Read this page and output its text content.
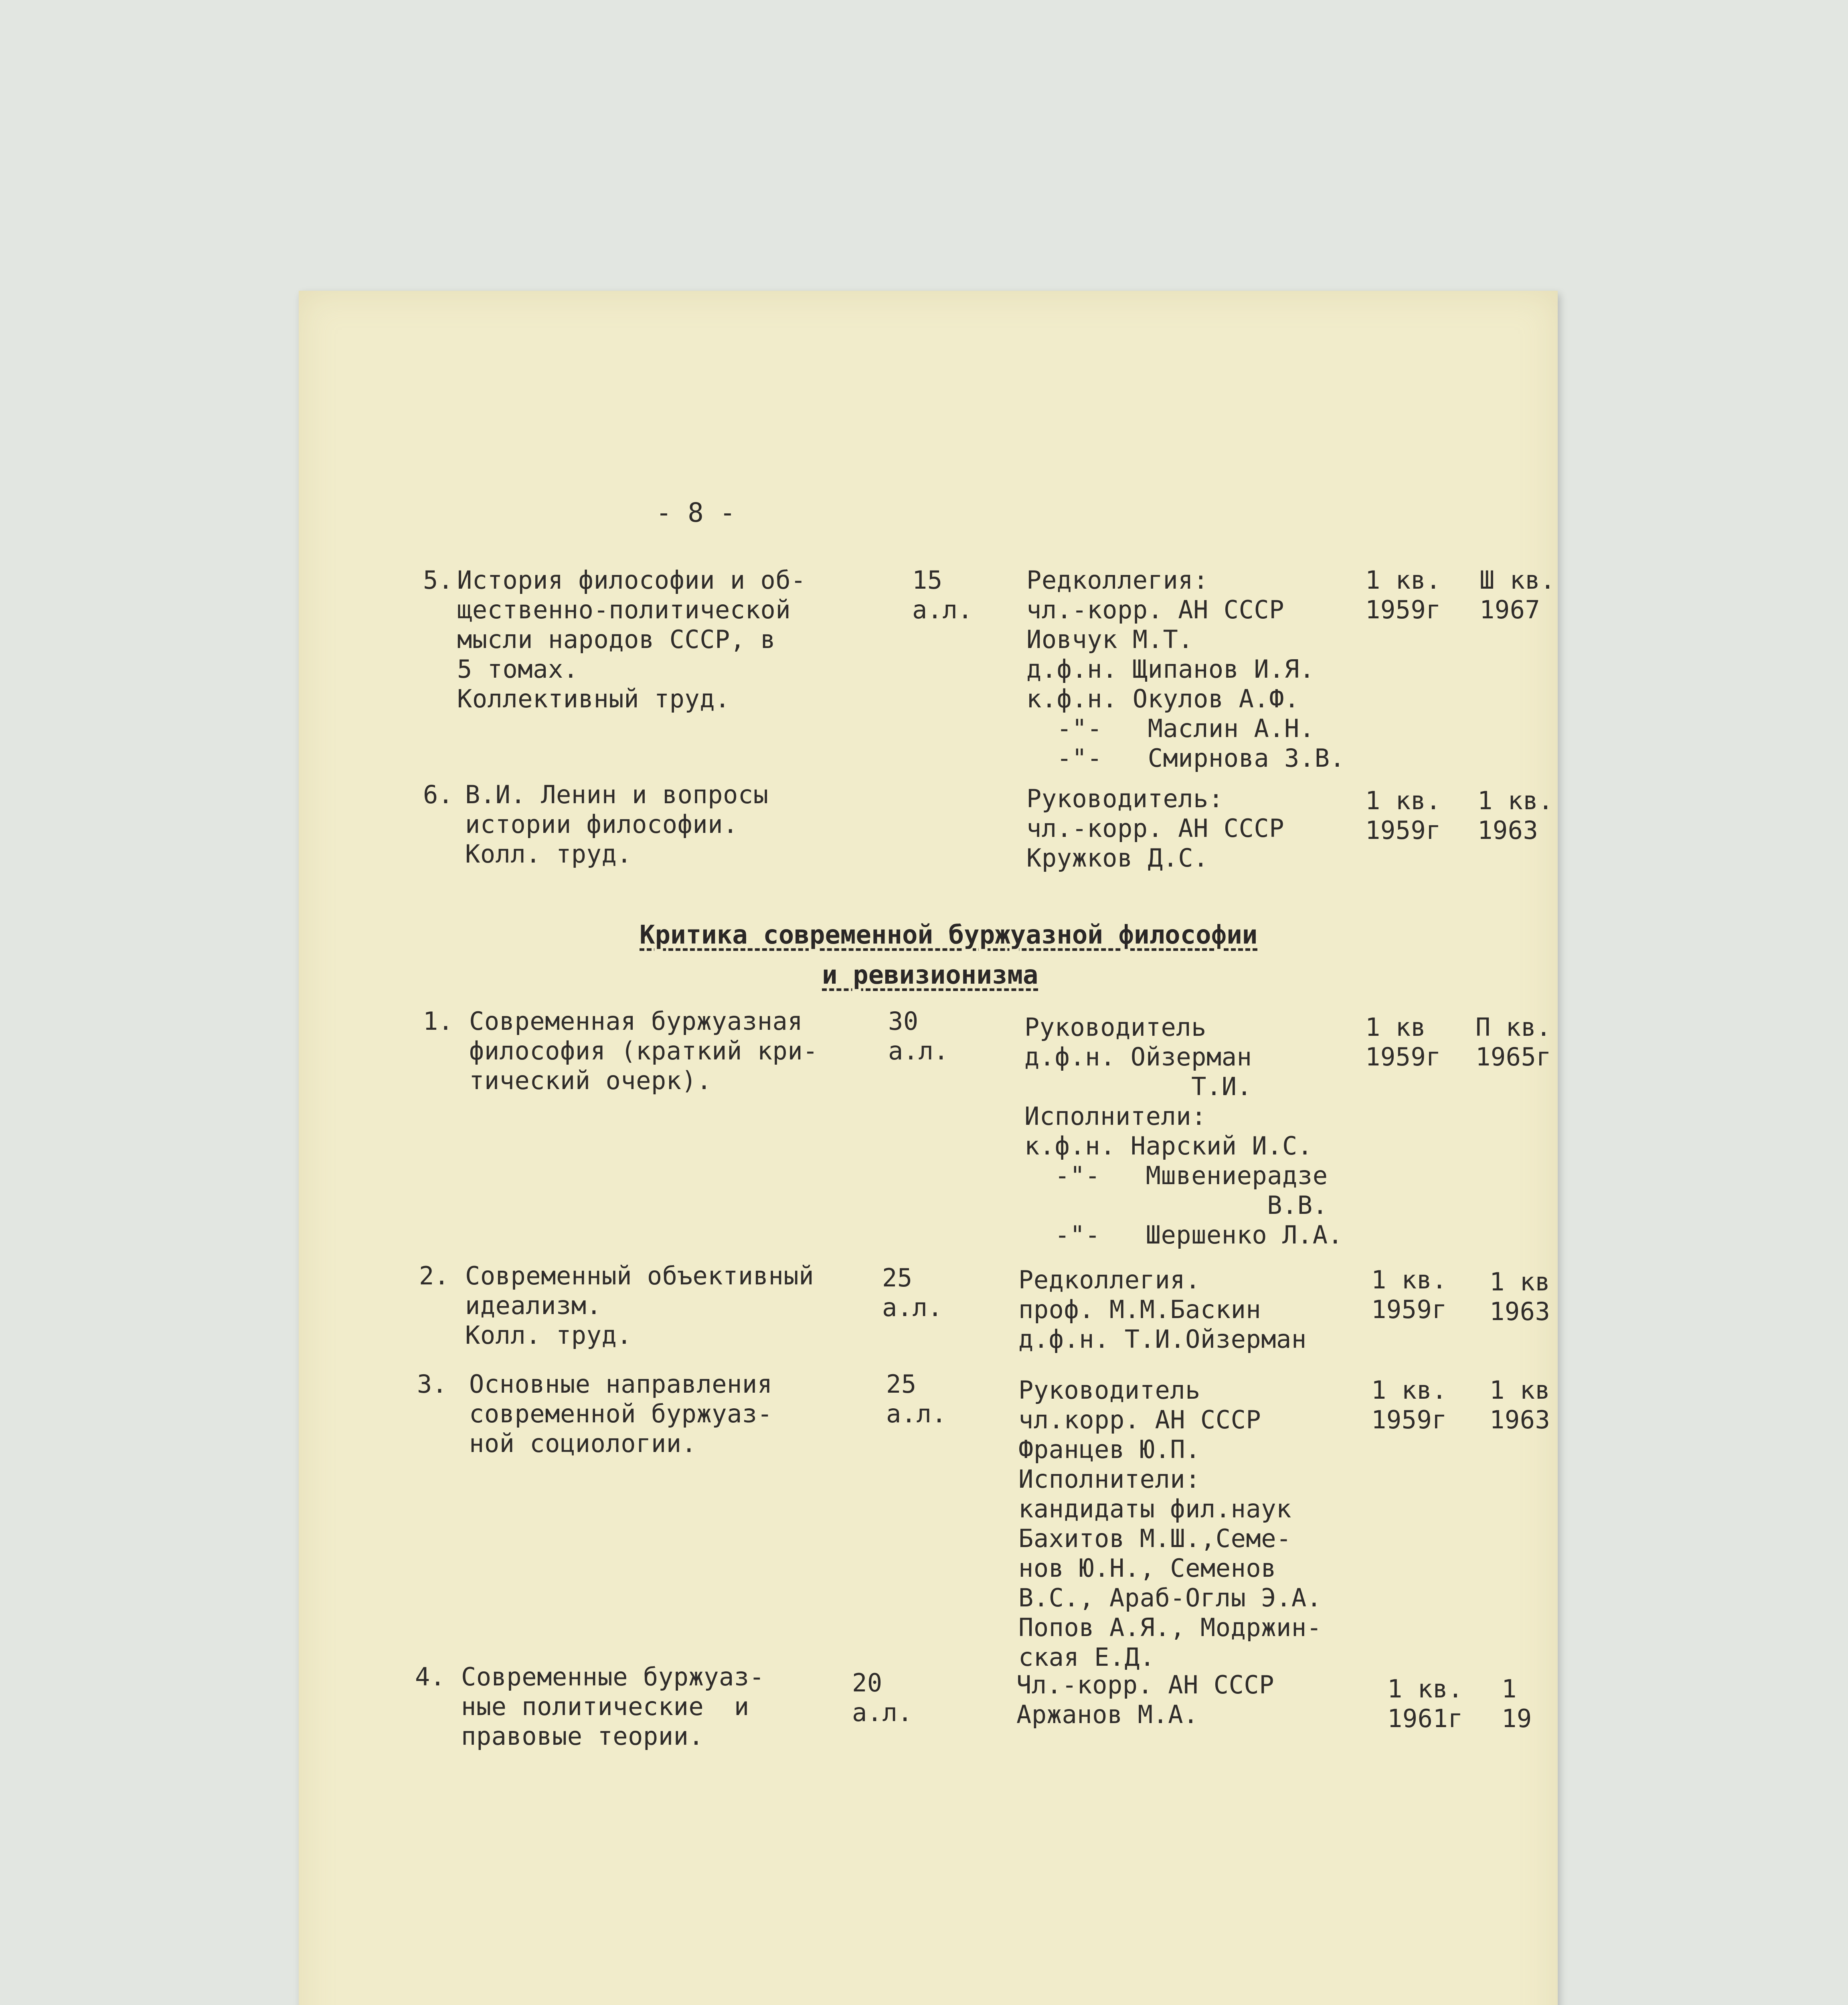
- 8 -
5. История философии и об-
щественно-политической
мысли народов СССР, в
5 томах.
Коллективный труд.
15
а.л.
Редколлегия:
чл.-корр. АН СССР
Иовчук М.Т.
д.ф.н. Щипанов И.Я.
к.ф.н. Окулов А.Ф.
-"-   Маслин А.Н.
-"-   Смирнова З.В.
1 кв.
1959г
Ш кв.
1967
6. В.И. Ленин и вопросы
истории философии.
Колл. труд.
Руководитель:
чл.-корр. АН СССР
Кружков Д.С.
1 кв.
1959г
1 кв.
1963
Критика современной буржуазной философии
и ревизионизма
1. Современная буржуазная
философия (краткий кри-
тический очерк).
30
а.л.
Руководитель
д.ф.н. Ойзерман
Т.И.
Исполнители:
к.ф.н. Нарский И.С.
-"-   Мшвениерадзе
В.В.
-"-   Шершенко Л.А.
1 кв
1959г
П кв.
1965г
2. Современный объективный
идеализм.
Колл. труд.
25
а.л.
Редколлегия.
проф. М.М.Баскин
д.ф.н. Т.И.Ойзерман
1 кв.
1959г
1 кв
1963
3. Основные направления
современной буржуаз-
ной социологии.
25
а.л.
Руководитель
чл.корр. АН СССР
Францев Ю.П.
Исполнители:
кандидаты фил.наук
Бахитов М.Ш.,Семе-
нов Ю.Н., Семенов
В.С., Араб-Оглы Э.А.
Попов А.Я., Модржин-
ская Е.Д.
1 кв.
1959г
1 кв
1963
4. Современные буржуаз-
ные политические  и
правовые теории.
20
а.л.
Чл.-корр. АН СССР
Аржанов М.А.
1 кв.
1961г
1
19
